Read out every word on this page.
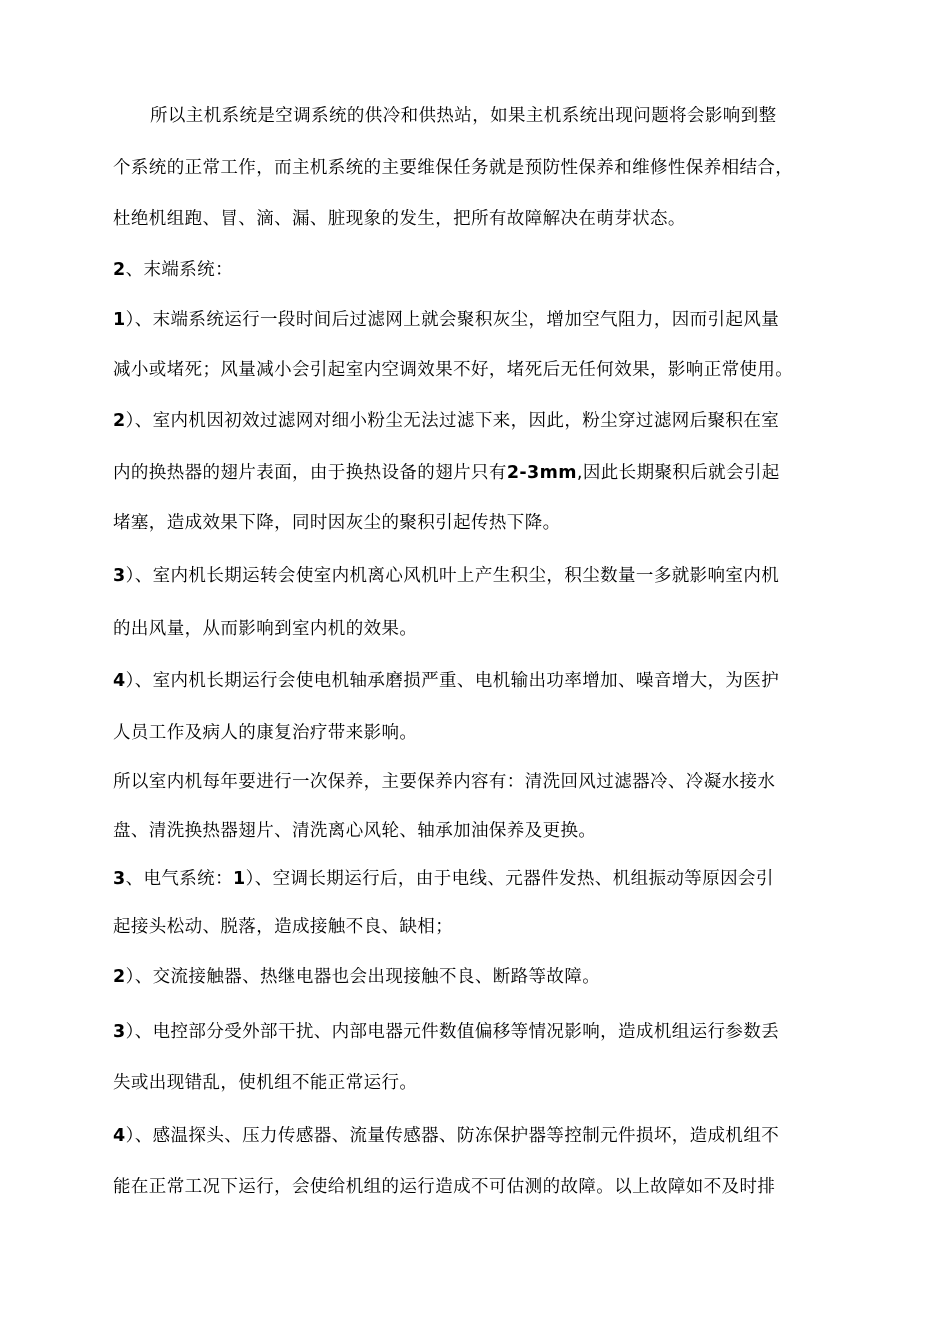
所以主机系统是空调系统的供冷和供热站，如果主机系统出现问题将会影响到整
个系统的正常工作，而主机系统的主要维保任务就是预防性保养和维修性保养相结合，
杜绝机组跑、冒、滴、漏、脏现象的发生，把所有故障解决在萌芽状态。
2、末端系统：
1）、末端系统运行一段时间后过滤网上就会聚积灰尘，增加空气阻力，因而引起风量
减小或堵死；风量减小会引起室内空调效果不好，堵死后无任何效果，影响正常使用。
2）、室内机因初效过滤网对细小粉尘无法过滤下来，因此，粉尘穿过滤网后聚积在室
内的换热器的翅片表面，由于换热设备的翅片只有2-3mm,因此长期聚积后就会引起
堵塞，造成效果下降，同时因灰尘的聚积引起传热下降。
3）、室内机长期运转会使室内机离心风机叶上产生积尘，积尘数量一多就影响室内机
的出风量，从而影响到室内机的效果。
4）、室内机长期运行会使电机轴承磨损严重、电机输出功率增加、噪音增大，为医护
人员工作及病人的康复治疗带来影响。
所以室内机每年要进行一次保养，主要保养内容有：清洗回风过滤器冷、冷凝水接水
盘、清洗换热器翅片、清洗离心风轮、轴承加油保养及更换。
3、电气系统：1）、空调长期运行后，由于电线、元器件发热、机组振动等原因会引
起接头松动、脱落，造成接触不良、缺相；
2）、交流接触器、热继电器也会出现接触不良、断路等故障。
3）、电控部分受外部干扰、内部电器元件数值偏移等情况影响，造成机组运行参数丢
失或出现错乱，使机组不能正常运行。
4）、感温探头、压力传感器、流量传感器、防冻保护器等控制元件损坏，造成机组不
能在正常工况下运行，会使给机组的运行造成不可估测的故障。以上故障如不及时排
